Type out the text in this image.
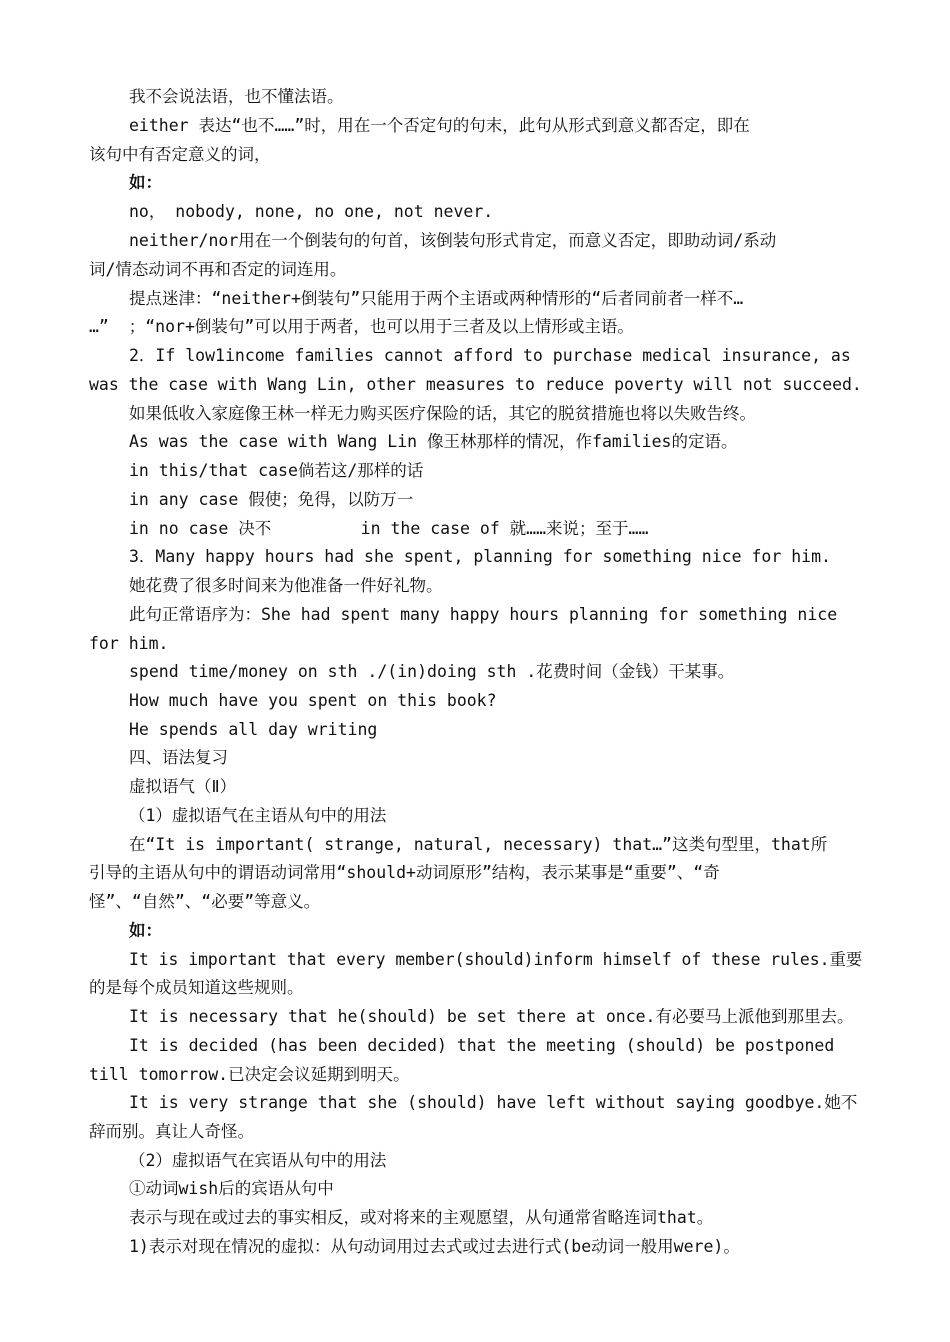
我不会说法语，也不懂法语。
either 表达“也不……”时，用在一个否定句的句末，此句从形式到意义都否定，即在
该句中有否定意义的词，
如：
no， nobody, none, no one, not never.
neither/nor用在一个倒装句的句首，该倒装句形式肯定，而意义否定，即助动词/系动
词/情态动词不再和否定的词连用。
提点迷津：“neither+倒装句”只能用于两个主语或两种情形的“后者同前者一样不…
…”  ；“nor+倒装句”可以用于两者，也可以用于三者及以上情形或主语。
2．If low1income families cannot afford to purchase medical insurance, as
was the case with Wang Lin, other measures to reduce poverty will not succeed.
如果低收入家庭像王林一样无力购买医疗保险的话，其它的脱贫措施也将以失败告终。
As was the case with Wang Lin 像王林那样的情况，作families的定语。
in this/that case倘若这/那样的话
in any case 假使；免得，以防万一
in no case 决不         in the case of 就……来说；至于……
3．Many happy hours had she spent, planning for something nice for him.
她花费了很多时间来为他准备一件好礼物。
此句正常语序为：She had spent many happy hours planning for something nice
for him.
spend time/money on sth ./(in)doing sth .花费时间（金钱）干某事。
How much have you spent on this book?
He spends all day writing
四、语法复习
虚拟语气（Ⅱ）
（1）虚拟语气在主语从句中的用法
在“It is important( strange, natural, necessary) that…”这类句型里，that所
引导的主语从句中的谓语动词常用“should+动词原形”结构，表示某事是“重要”、“奇
怪”、“自然”、“必要”等意义。
如：
It is important that every member(should)inform himself of these rules.重要
的是每个成员知道这些规则。
It is necessary that he(should) be set there at once.有必要马上派他到那里去。
It is decided (has been decided) that the meeting (should) be postponed
till tomorrow.已决定会议延期到明天。
It is very strange that she (should) have left without saying goodbye.她不
辞而别。真让人奇怪。
（2）虚拟语气在宾语从句中的用法
①动词wish后的宾语从句中
表示与现在或过去的事实相反，或对将来的主观愿望，从句通常省略连词that。
1)表示对现在情况的虚拟：从句动词用过去式或过去进行式(be动词一般用were)。
